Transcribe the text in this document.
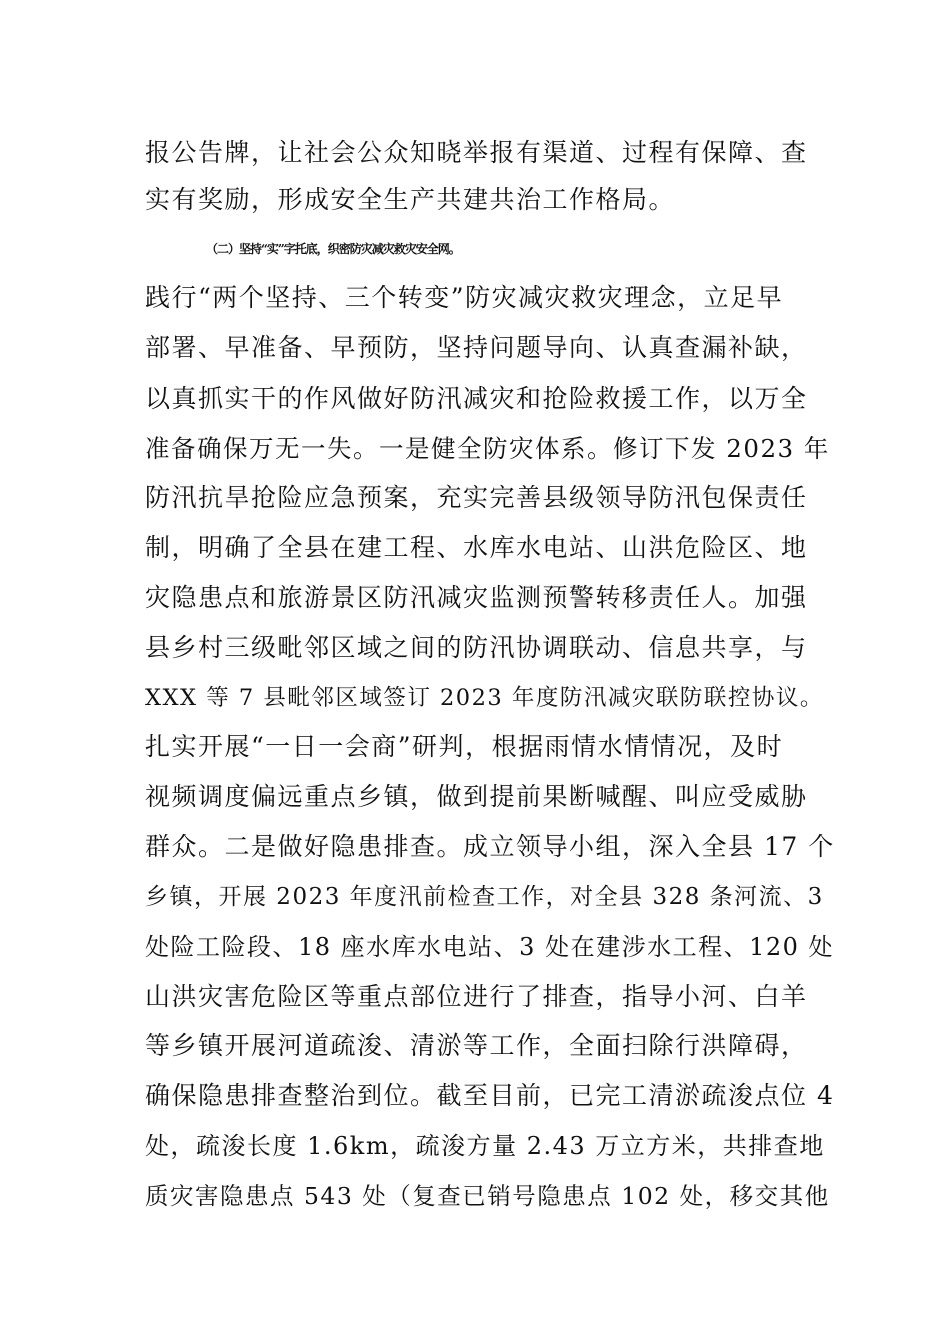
报公告牌，让社会公众知晓举报有渠道、过程有保障、查
实有奖励，形成安全生产共建共治工作格局。
（二）坚持“实”字托底，织密防灾减灾救灾安全网。
践行“两个坚持、三个转变”防灾减灾救灾理念，立足早
部署、早准备、早预防，坚持问题导向、认真查漏补缺，
以真抓实干的作风做好防汛减灾和抢险救援工作，以万全
准备确保万无一失。一是健全防灾体系。修订下发 2023 年
防汛抗旱抢险应急预案，充实完善县级领导防汛包保责任
制，明确了全县在建工程、水库水电站、山洪危险区、地
灾隐患点和旅游景区防汛减灾监测预警转移责任人。加强
县乡村三级毗邻区域之间的防汛协调联动、信息共享，与
XXX 等 7 县毗邻区域签订 2023 年度防汛减灾联防联控协议。
扎实开展“一日一会商”研判，根据雨情水情情况，及时
视频调度偏远重点乡镇，做到提前果断喊醒、叫应受威胁
群众。二是做好隐患排查。成立领导小组，深入全县 17 个
乡镇，开展 2023 年度汛前检查工作，对全县 328 条河流、3
处险工险段、18 座水库水电站、3 处在建涉水工程、120 处
山洪灾害危险区等重点部位进行了排查，指导小河、白羊
等乡镇开展河道疏浚、清淤等工作，全面扫除行洪障碍，
确保隐患排查整治到位。截至目前，已完工清淤疏浚点位 4
处，疏浚长度 1.6km，疏浚方量 2.43 万立方米，共排查地
质灾害隐患点 543 处（复查已销号隐患点 102 处，移交其他
